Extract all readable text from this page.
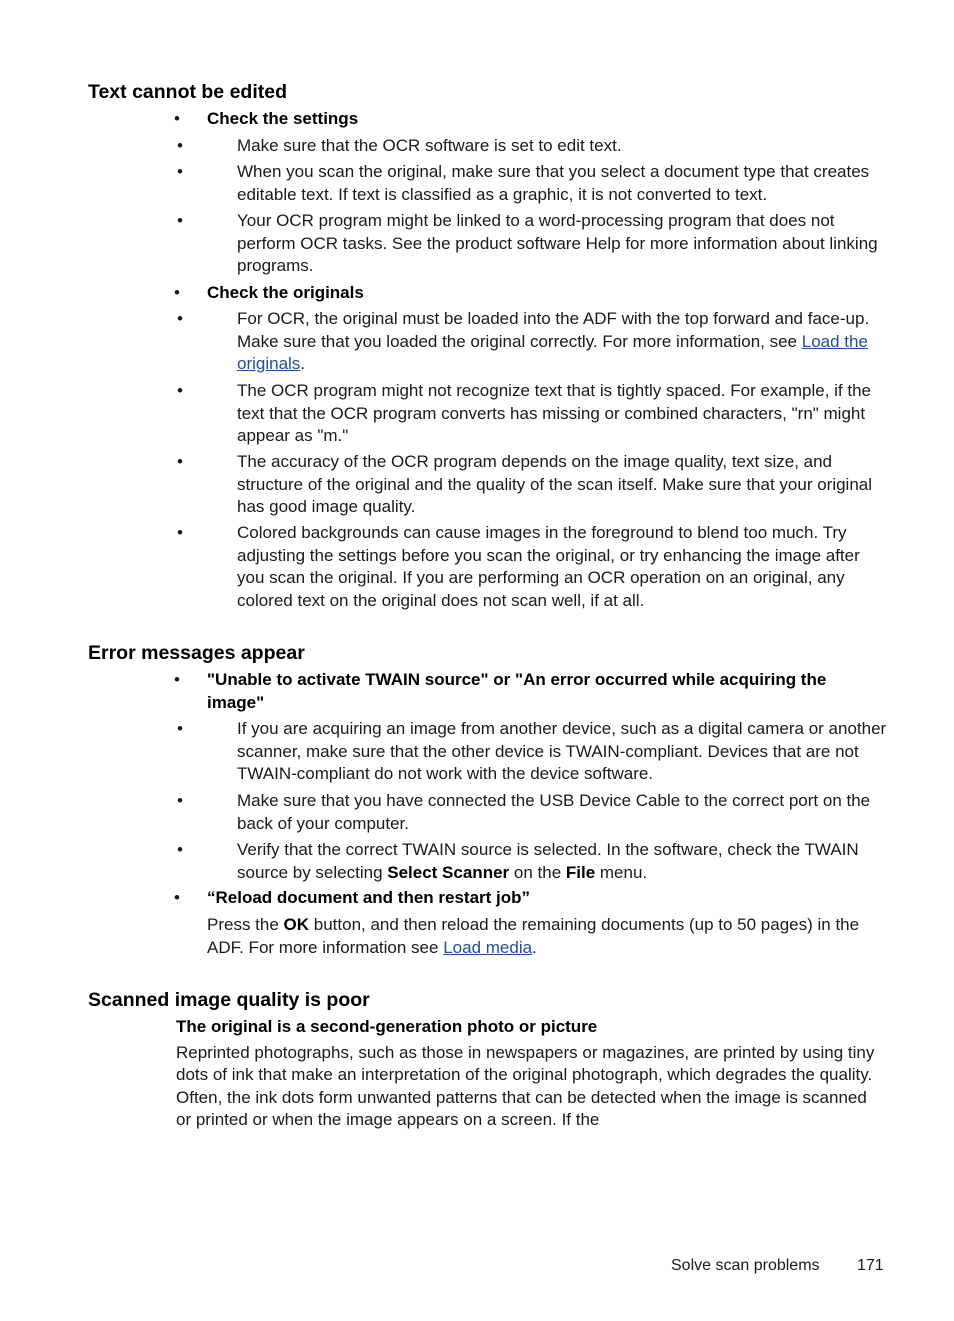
Text cannot be edited
• Check the settings
•	Make sure that the OCR software is set to edit text.
•	When you scan the original, make sure that you select a document type that creates editable text. If text is classified as a graphic, it is not converted to text.
•	Your OCR program might be linked to a word-processing program that does not perform OCR tasks. See the product software Help for more information about linking programs.
• Check the originals
•	For OCR, the original must be loaded into the ADF with the top forward and face-up. Make sure that you loaded the original correctly. For more information, see Load the originals.
•	The OCR program might not recognize text that is tightly spaced. For example, if the text that the OCR program converts has missing or combined characters, "rn" might appear as "m."
•	The accuracy of the OCR program depends on the image quality, text size, and structure of the original and the quality of the scan itself. Make sure that your original has good image quality.
•	Colored backgrounds can cause images in the foreground to blend too much. Try adjusting the settings before you scan the original, or try enhancing the image after you scan the original. If you are performing an OCR operation on an original, any colored text on the original does not scan well, if at all.
Error messages appear
• "Unable to activate TWAIN source" or "An error occurred while acquiring the image"
•	If you are acquiring an image from another device, such as a digital camera or another scanner, make sure that the other device is TWAIN-compliant. Devices that are not TWAIN-compliant do not work with the device software.
•	Make sure that you have connected the USB Device Cable to the correct port on the back of your computer.
•	Verify that the correct TWAIN source is selected. In the software, check the TWAIN source by selecting Select Scanner on the File menu.
• “Reload document and then restart job”
Press the OK button, and then reload the remaining documents (up to 50 pages) in the ADF. For more information see Load media.
Scanned image quality is poor
The original is a second-generation photo or picture
Reprinted photographs, such as those in newspapers or magazines, are printed by using tiny dots of ink that make an interpretation of the original photograph, which degrades the quality. Often, the ink dots form unwanted patterns that can be detected when the image is scanned or printed or when the image appears on a screen. If the
Solve scan problems 171
